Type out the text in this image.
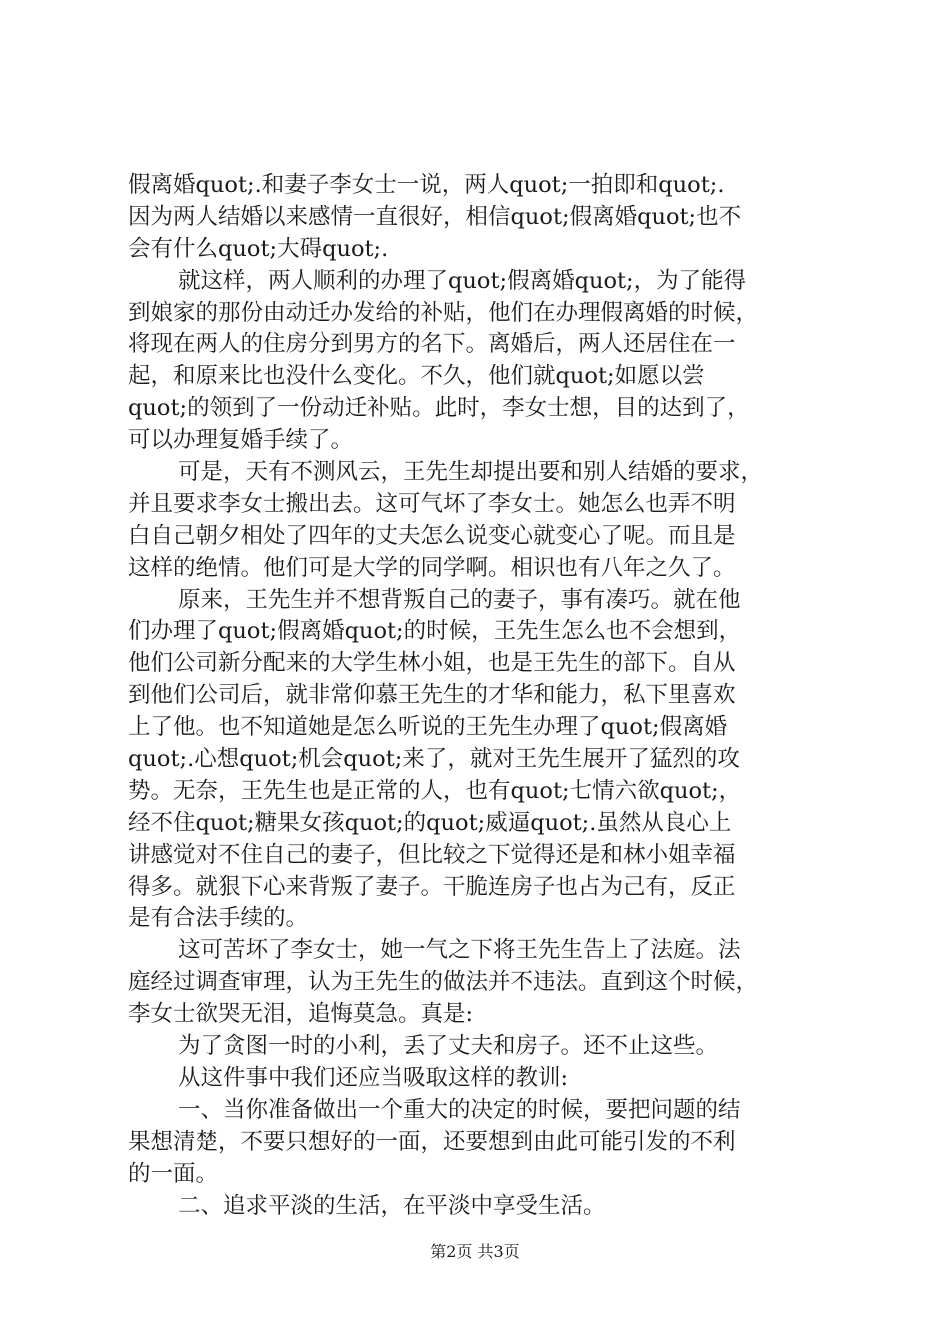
假离婚quot;.和妻子李女士一说，两人quot;一拍即和quot;.
因为两人结婚以来感情一直很好，相信quot;假离婚quot;也不
会有什么quot;大碍quot;.
就这样，两人顺利的办理了quot;假离婚quot;，为了能得
到娘家的那份由动迁办发给的补贴，他们在办理假离婚的时候，
将现在两人的住房分到男方的名下。离婚后，两人还居住在一
起，和原来比也没什么变化。不久，他们就quot;如愿以尝
quot;的领到了一份动迁补贴。此时，李女士想，目的达到了，
可以办理复婚手续了。
可是，天有不测风云，王先生却提出要和别人结婚的要求，
并且要求李女士搬出去。这可气坏了李女士。她怎么也弄不明
白自己朝夕相处了四年的丈夫怎么说变心就变心了呢。而且是
这样的绝情。他们可是大学的同学啊。相识也有八年之久了。
原来，王先生并不想背叛自己的妻子，事有凑巧。就在他
们办理了quot;假离婚quot;的时候，王先生怎么也不会想到，
他们公司新分配来的大学生林小姐，也是王先生的部下。自从
到他们公司后，就非常仰慕王先生的才华和能力，私下里喜欢
上了他。也不知道她是怎么听说的王先生办理了quot;假离婚
quot;.心想quot;机会quot;来了，就对王先生展开了猛烈的攻
势。无奈，王先生也是正常的人，也有quot;七情六欲quot;，
经不住quot;糖果女孩quot;的quot;威逼quot;.虽然从良心上
讲感觉对不住自己的妻子，但比较之下觉得还是和林小姐幸福
得多。就狠下心来背叛了妻子。干脆连房子也占为己有，反正
是有合法手续的。
这可苦坏了李女士，她一气之下将王先生告上了法庭。法
庭经过调查审理，认为王先生的做法并不违法。直到这个时候，
李女士欲哭无泪，追悔莫急。真是:
为了贪图一时的小利，丢了丈夫和房子。还不止这些。
从这件事中我们还应当吸取这样的教训:
一、当你准备做出一个重大的决定的时候，要把问题的结
果想清楚，不要只想好的一面，还要想到由此可能引发的不利
的一面。
二、追求平淡的生活，在平淡中享受生活。
第2页 共3页
